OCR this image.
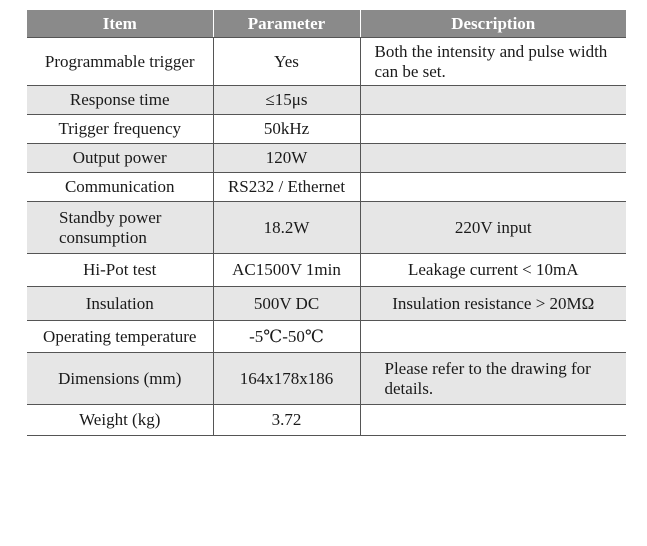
Item	Parameter	Description
Programmable trigger	Yes	Both the intensity and pulse width can be set.
Response time	≤15μs	
Trigger frequency	50kHz	
Output power	120W	
Communication	RS232 / Ethernet	
Standby power consumption	18.2W	220V input
Hi-Pot test	AC1500V 1min	Leakage current < 10mA
Insulation	500V DC	Insulation resistance > 20MΩ
Operating temperature	-5℃-50℃	
Dimensions (mm)	164x178x186	Please refer to the drawing for details.
Weight (kg)	3.72	
